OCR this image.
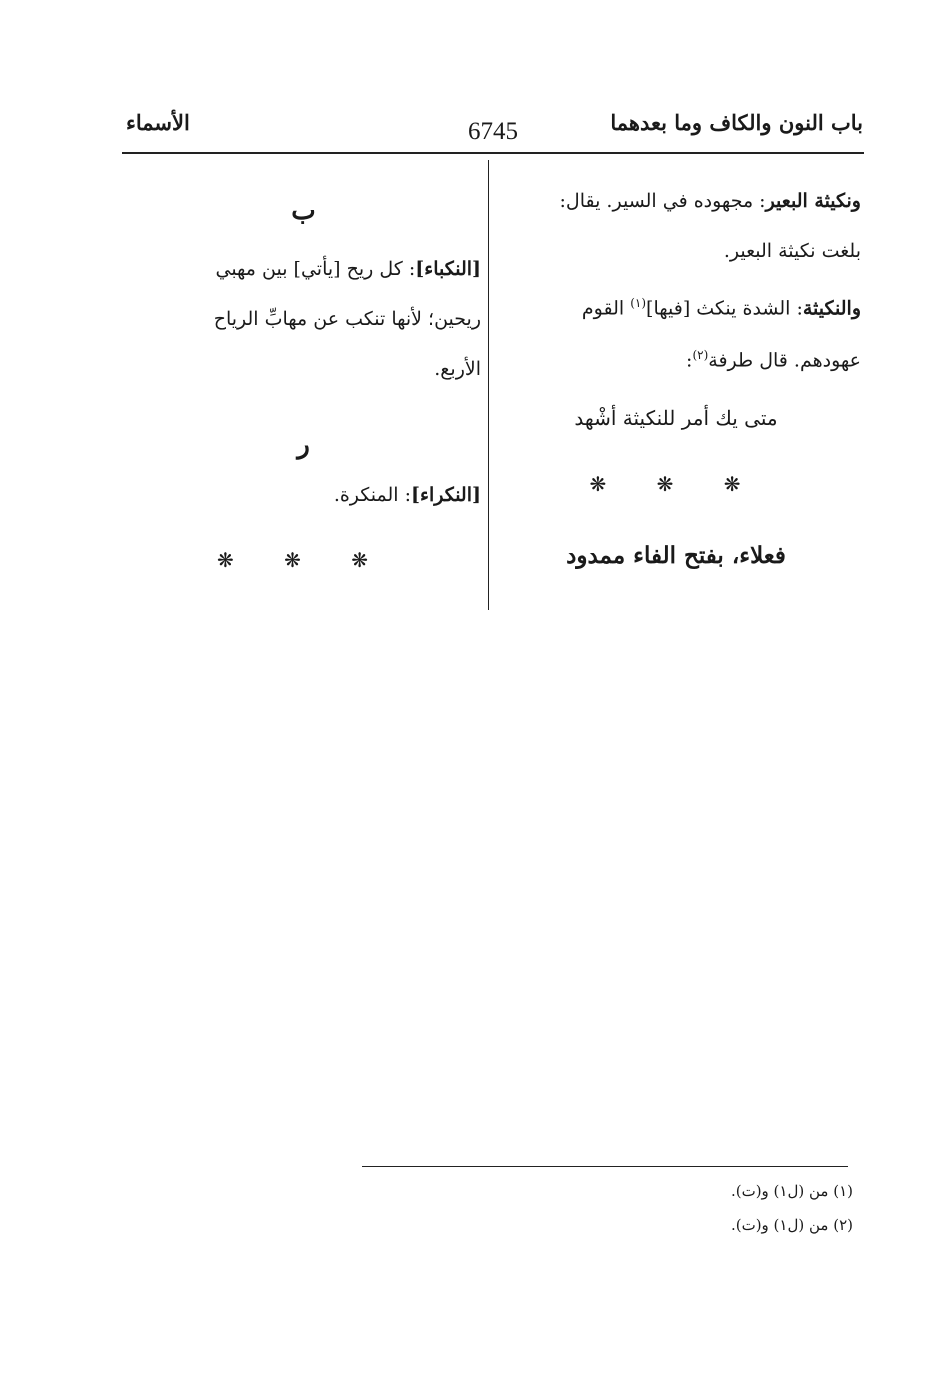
باب النون والكاف وما بعدهما
6745
الأسماء
ونكيثة البعير: مجهوده في السير. يقال:
بلغت نكيثة البعير.
والنكيثة: الشدة ينكث [فيها]$^{(١)}$ القوم
عهودهم. قال طرفة$^{(٢)}$:
متى يك أمر للنكيثة أشْهد
❋ ❋ ❋
فعلاء، بفتح الفاء ممدود
ب
[النكباء]: كل ريح [يأتي] بين مهبي
ريحين؛ لأنها تنكب عن مهابِّ الرياح
الأربع.
ر
[النكراء]: المنكرة.
❋ ❋ ❋
(١) من (ل١) و(ت).
(٢) من (ل١) و(ت).
